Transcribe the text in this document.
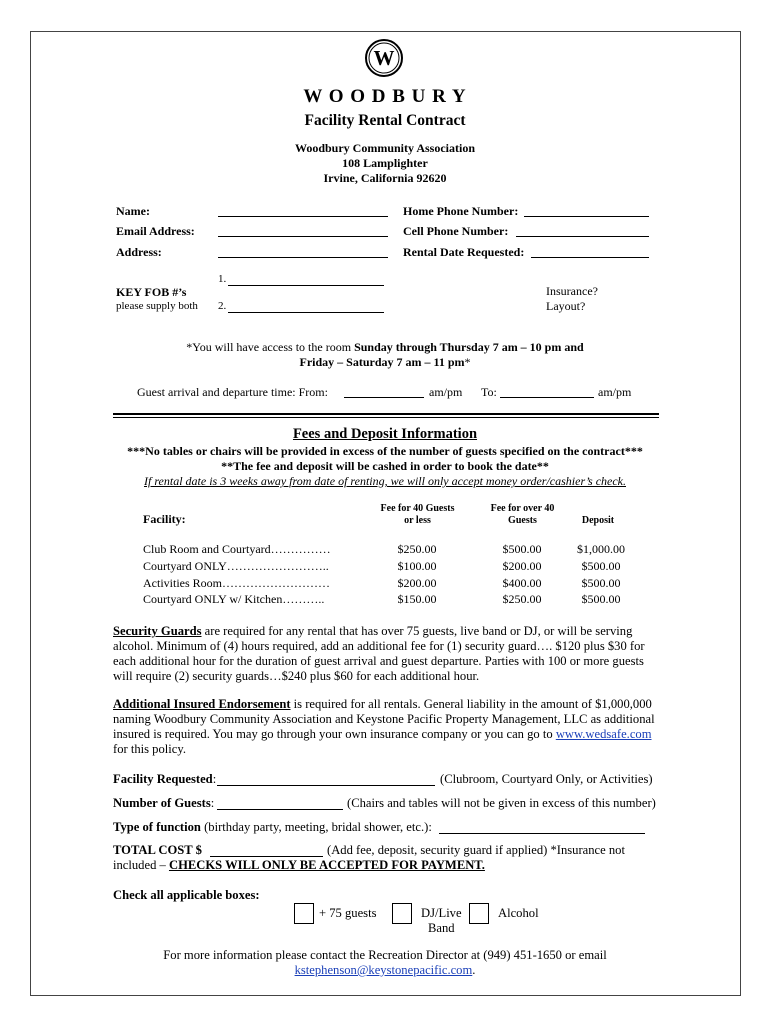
W
W O O D B U R Y
Facility Rental Contract
Woodbury Community Association
108 Lamplighter
Irvine, California 92620
Name:
Email Address:
Address:
Home Phone Number:
Cell Phone Number:
Rental Date Requested:
1.
KEY FOB #’s
please supply both 2.
Insurance?
Layout?
*You will have access to the room Sunday through Thursday 7 am – 10 pm and
Friday – Saturday 7 am – 11 pm*
Guest arrival and departure time: From:	am/pm To:	am/pm
Fees and Deposit Information
***No tables or chairs will be provided in excess of the number of guests specified on the contract***
**The fee and deposit will be cashed in order to book the date**
If rental date is 3 weeks away from date of renting, we will only accept money order/cashier’s check.
Facility:
Fee for 40 Guests
or less
Fee for over 40
Guests	Deposit
Club Room and Courtyard……………	$250.00	$500.00	$1,000.00
Courtyard ONLY……………………..	$100.00	$200.00	$500.00
Activities Room………………………	$200.00	$400.00	$500.00
Courtyard ONLY w/ Kitchen………..	$150.00	$250.00	$500.00
Security Guards are required for any rental that has over 75 guests, live band or DJ, or will be serving
alcohol. Minimum of (4) hours required, add an additional fee for (1) security guard…. $120 plus $30 for
each additional hour for the duration of guest arrival and guest departure. Parties with 100 or more guests
will require (2) security guards…$240 plus $60 for each additional hour.
Additional Insured Endorsement is required for all rentals. General liability in the amount of $1,000,000
naming Woodbury Community Association and Keystone Pacific Property Management, LLC as additional
insured is required. You may go through your own insurance company or you can go to www.wedsafe.com
for this policy.
Facility Requested:	(Clubroom, Courtyard Only, or Activities)
Number of Guests:	(Chairs and tables will not be given in excess of this number)
Type of function (birthday party, meeting, bridal shower, etc.):
TOTAL COST $	(Add fee, deposit, security guard if applied) *Insurance not
included – CHECKS WILL ONLY BE ACCEPTED FOR PAYMENT.
Check all applicable boxes:
+ 75 guests	DJ/Live
Band
Alcohol
For more information please contact the Recreation Director at (949) 451-1650 or email
kstephenson@keystonepacific.com.
